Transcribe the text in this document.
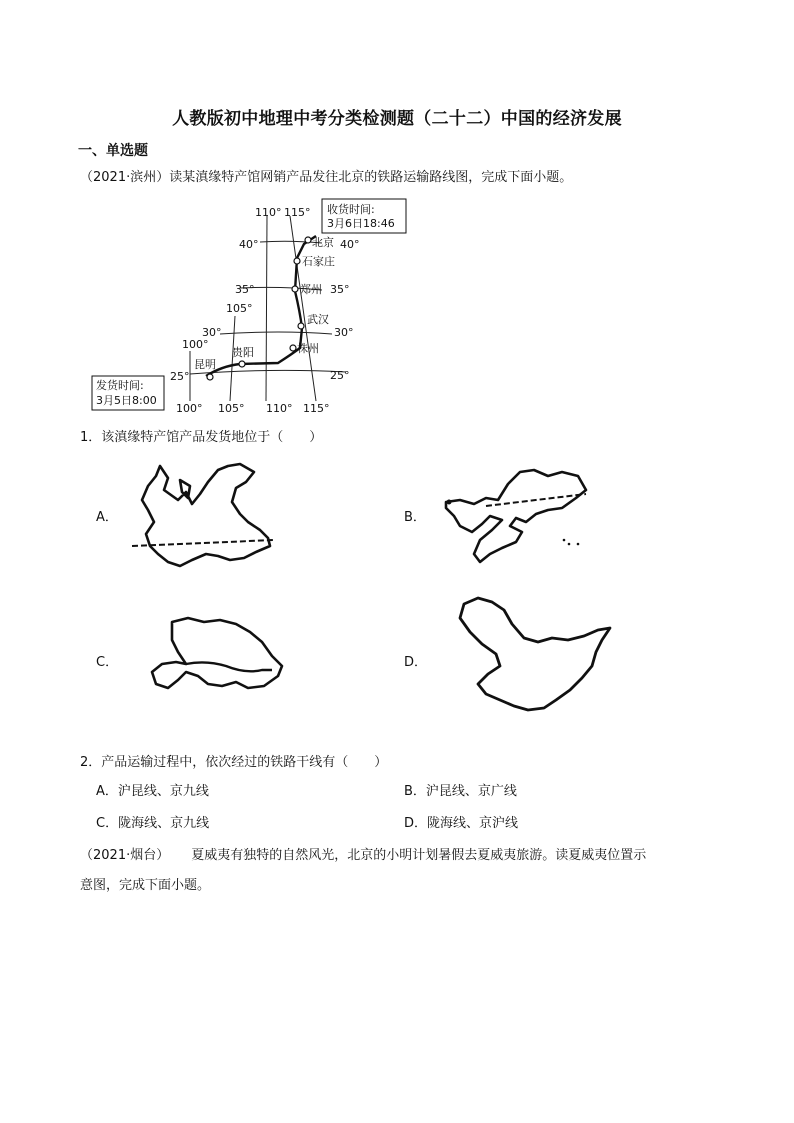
人教版初中地理中考分类检测题（二十二）中国的经济发展
一、单选题
（2021·滨州）读某滇缘特产馆网销产品发往北京的铁路运输路线图，完成下面小题。
110° 115°
105°
100°
100° 105° 110° 115°
40°
35°
30°
25°
40°
35°
30°
25°
北京
石家庄
郑州
武汉
株州
贵阳
昆明
收货时间:
3月6日18:46
发货时间:
3月5日8:00
1．该滇缘特产馆产品发货地位于（　　）
A．	B．
C．	D．
2．产品运输过程中，依次经过的铁路干线有（　　）
A．沪昆线、京九线	B．沪昆线、京广线
C．陇海线、京九线	D．陇海线、京沪线
（2021·烟台） 夏威夷有独特的自然风光，北京的小明计划暑假去夏威夷旅游。读夏威夷位置示
意图，完成下面小题。
